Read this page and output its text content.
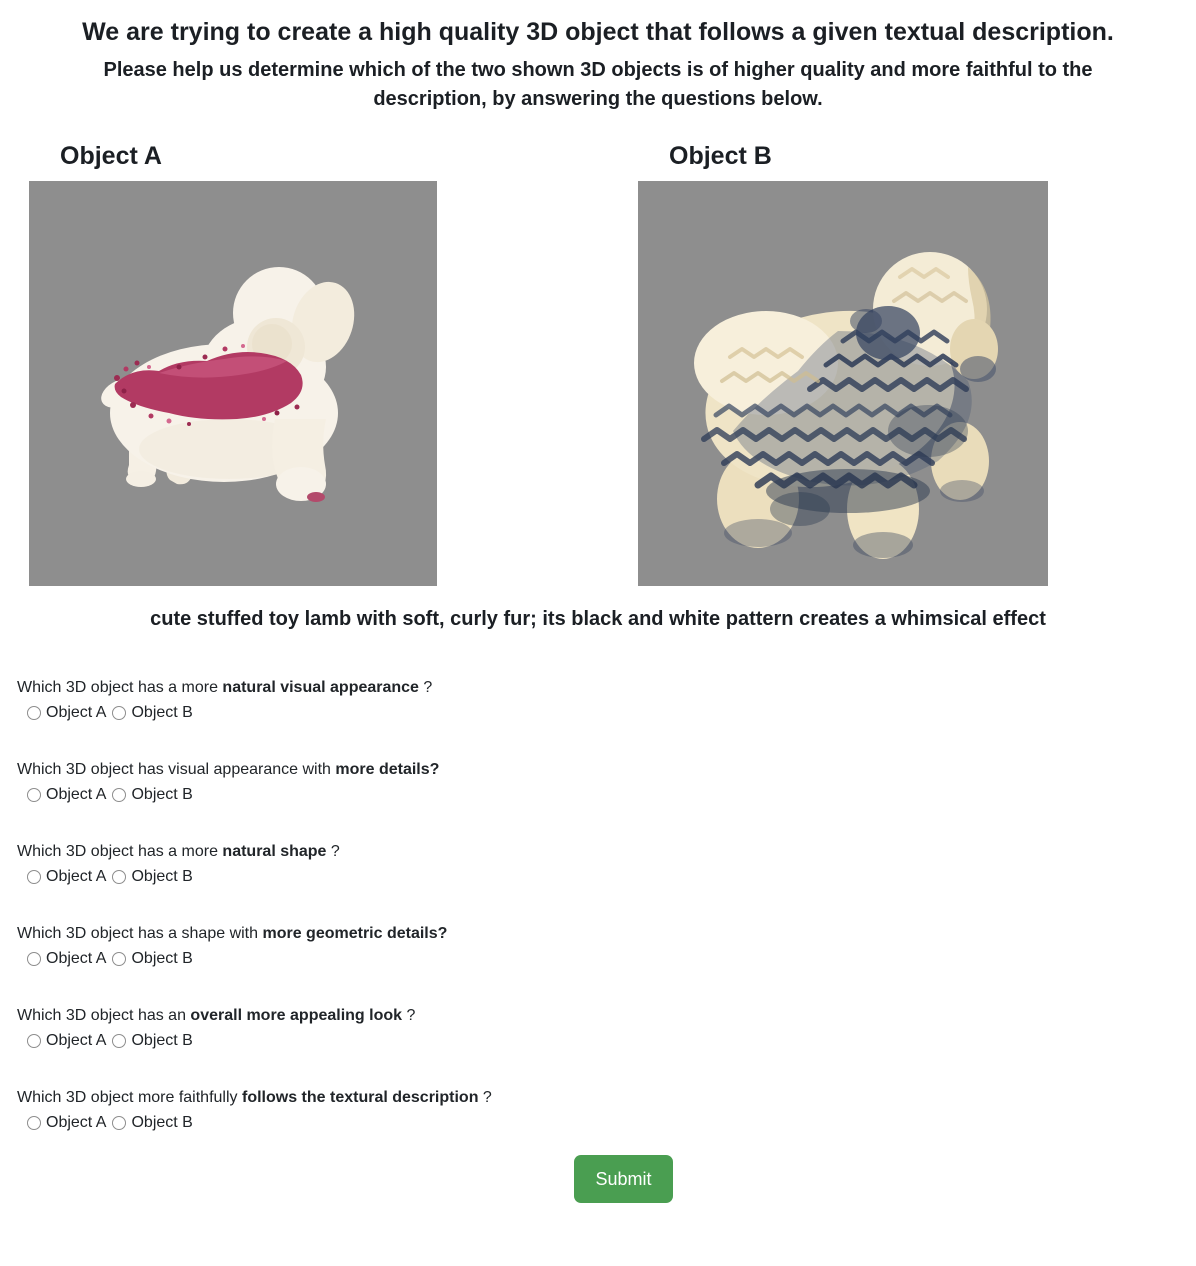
We are trying to create a high quality 3D object that follows a given textual description.
Please help us determine which of the two shown 3D objects is of higher quality and more faithful to the description, by answering the questions below.
Object A	Object B
cute stuffed toy lamb with soft, curly fur; its black and white pattern creates a whimsical effect
Which 3D object has a more natural visual appearance ?
Object A Object B
Which 3D object has visual appearance with more details?
Object A Object B
Which 3D object has a more natural shape ?
Object A Object B
Which 3D object has a shape with more geometric details?
Object A Object B
Which 3D object has an overall more appealing look ?
Object A Object B
Which 3D object more faithfully follows the textural description ?
Object A Object B
Submit
